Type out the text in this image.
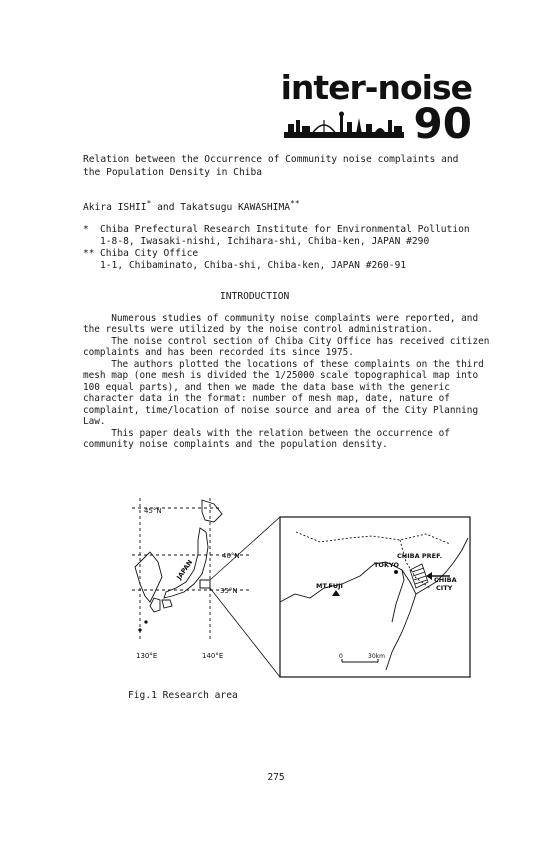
inter-noise
90
Relation between the Occurrence of Community noise complaints and
the Population Density in Chiba
Akira ISHII* and Takatsugu KAWASHIMA**
* Chiba Prefectural Research Institute for Environmental Pollution
1-8-8, Iwasaki-nishi, Ichihara-shi, Chiba-ken, JAPAN #290
** Chiba City Office
1-1, Chibaminato, Chiba-shi, Chiba-ken, JAPAN #260-91
INTRODUCTION
Numerous studies of community noise complaints were reported, and
the results were utilized by the noise control administration.
The noise control section of Chiba City Office has received citizen
complaints and has been recorded its since 1975.
The authors plotted the locations of these complaints on the third
mesh map (one mesh is divided the 1/25000 scale topographical map into
100 equal parts), and then we made the data base with the generic
character data in the format: number of mesh map, date, nature of
complaint, time/location of noise source and area of the City Planning
Law.
This paper deals with the relation between the occurrence of
community noise complaints and the population density.
45°N
40°N
35°N
130°E	140°E
JAPAN	TOKYO
CHIBA PREF.
CHIBA
CITY
MT.FUJI
0	30km
Fig.1 Research area
275
